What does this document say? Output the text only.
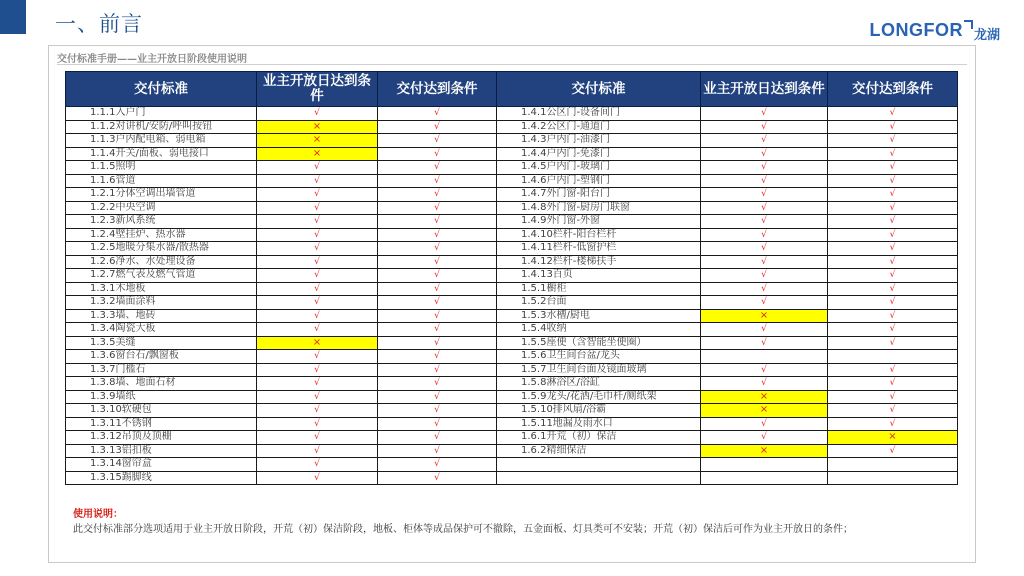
一、前言	LONGFOR 龙湖
交付标准手册——业主开放日阶段使用说明
交付标准	业主开放日达到条件	交付达到条件
1.1.1入户门	√	√
1.1.2对讲机/安防/呼叫按钮	×	√
1.1.3户内配电箱、弱电箱	×	√
1.1.4开关/面板、弱电接口	×	√
1.1.5照明	√	√
1.1.6管道	√	√
1.2.1分体空调出墙管道	√	√
1.2.2中央空调	√	√
1.2.3新风系统	√	√
1.2.4壁挂炉、热水器	√	√
1.2.5地暖分集水器/散热器	√	√
1.2.6净水、水处理设备	√	√
1.2.7燃气表及燃气管道	√	√
1.3.1木地板	√	√
1.3.2墙面涂料	√	√
1.3.3墙、地砖	√	√
1.3.4陶瓷大板	√	√
1.3.5美缝	×	√
1.3.6窗台石/飘窗板	√	√
1.3.7门槛石	√	√
1.3.8墙、地面石材	√	√
1.3.9墙纸	√	√
1.3.10软硬包	√	√
1.3.11不锈钢	√	√
1.3.12吊顶及顶棚	√	√
1.3.13铝扣板	√	√
1.3.14窗帘盒	√	√
1.3.15踢脚线	√	√
交付标准	业主开放日达到条件	交付达到条件
1.4.1公区门-设备间门	√	√
1.4.2公区门-通道门	√	√
1.4.3户内门-油漆门	√	√
1.4.4户内门-免漆门	√	√
1.4.5户内门-玻璃门	√	√
1.4.6户内门-塑钢门	√	√
1.4.7外门窗-阳台门	√	√
1.4.8外门窗-厨房门联窗	√	√
1.4.9外门窗-外窗	√	√
1.4.10栏杆-阳台栏杆	√	√
1.4.11栏杆-低窗护栏	√	√
1.4.12栏杆-楼梯扶手	√	√
1.4.13百页	√	√
1.5.1橱柜	√	√
1.5.2台面	√	√
1.5.3水槽/厨电	×	√
1.5.4收纳	√	√
1.5.5座便（含智能坐便圈）	√	√
1.5.6卫生间台盆/龙头		
1.5.7卫生间台面及镜面玻璃	√	√
1.5.8淋浴区/浴缸	√	√
1.5.9龙头/花洒/毛巾杆/厕纸架	×	√
1.5.10排风扇/浴霸	×	√
1.5.11地漏及雨水口	√	√
1.6.1开荒（初）保洁	√	×
1.6.2精细保洁	×	√

使用说明：
此交付标准部分选项适用于业主开放日阶段，开荒（初）保洁阶段，地板、柜体等成品保护可不撤除，五金面板、灯具类可不安装；开荒（初）保洁后可作为业主开放日的条件；
